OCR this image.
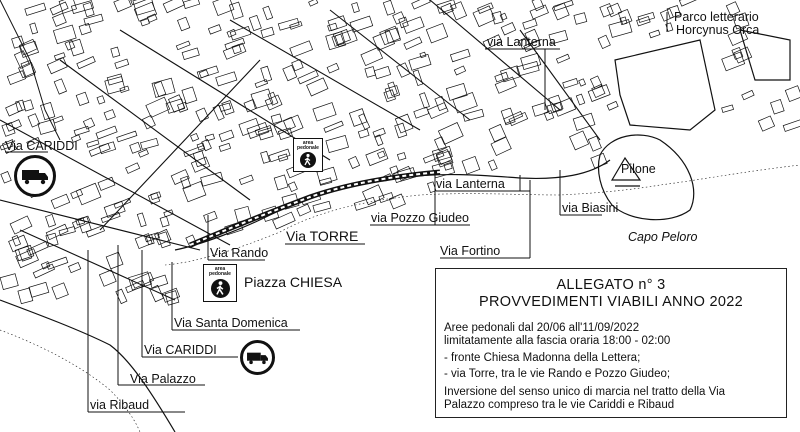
Parco letterario
Horcynus Orca
via Lanterna
Via CARIDDI
via Lanterna
Pilone
via Biasini
via Pozzo Giudeo
Capo Peloro
Via TORRE
Via Fortino
Via Rando
Piazza CHIESA
Via Santa Domenica
Via CARIDDI
Via Palazzo
via Ribaud
area
pedonale
area
pedonale
ALLEGATO n° 3
PROVVEDIMENTI VIABILI ANNO 2022
Aree pedonali dal 20/06 all'11/09/2022
limitatamente alla fascia oraria 18:00 - 02:00
- fronte Chiesa Madonna della Lettera;
- via Torre, tra le vie Rando e Pozzo Giudeo;
Inversione del senso unico di marcia nel tratto della Via
Palazzo compreso tra le vie Cariddi e Ribaud
